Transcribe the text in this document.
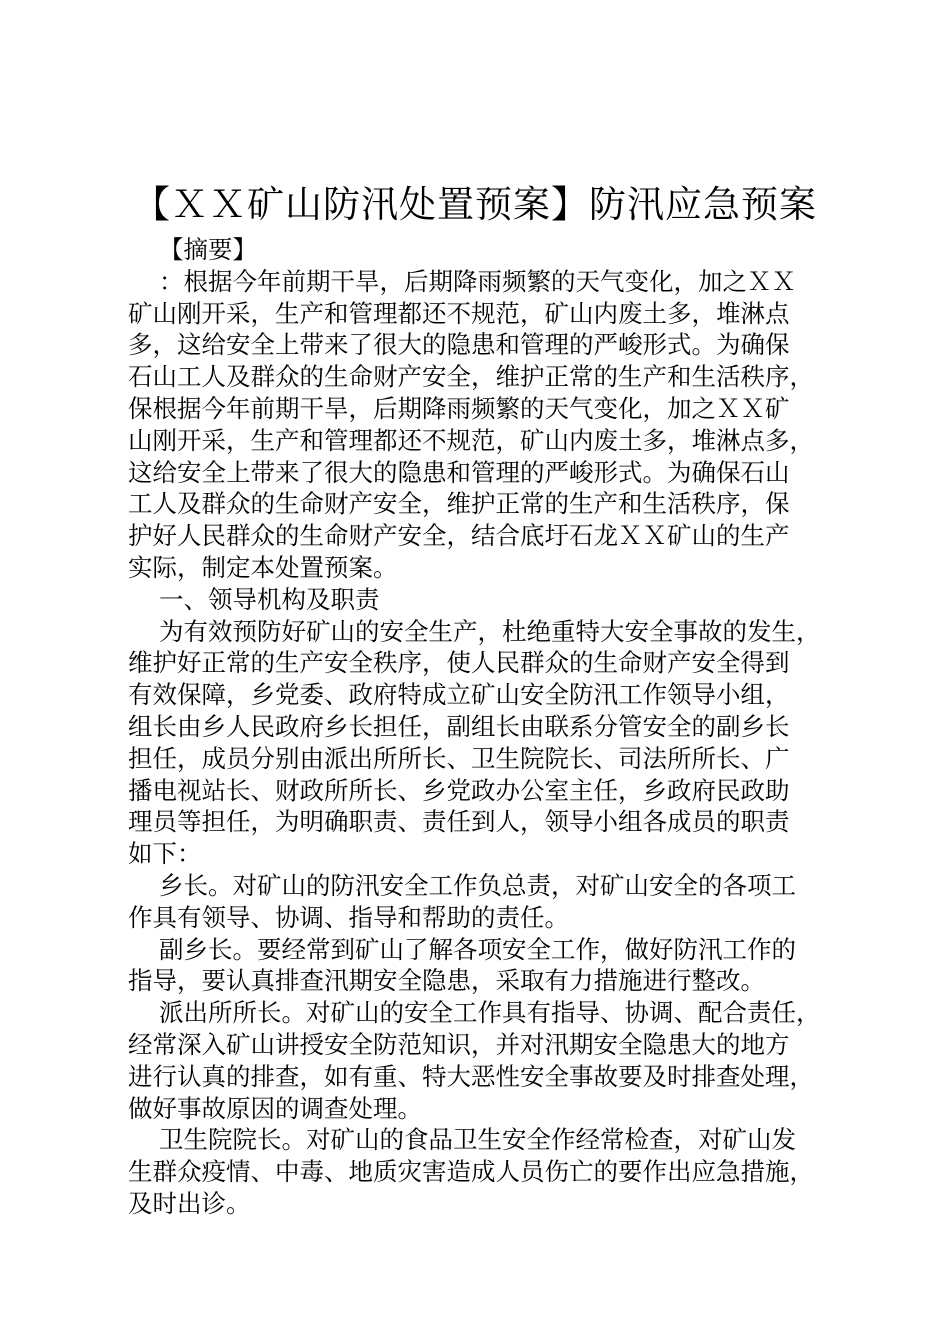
【ＸＸ矿山防汛处置预案】防汛应急预案
【摘要】
：根据今年前期干旱，后期降雨频繁的天气变化，加之ＸＸ
矿山刚开采，生产和管理都还不规范，矿山内废土多，堆淋点
多，这给安全上带来了很大的隐患和管理的严峻形式。为确保
石山工人及群众的生命财产安全，维护正常的生产和生活秩序，
保根据今年前期干旱，后期降雨频繁的天气变化，加之ＸＸ矿
山刚开采，生产和管理都还不规范，矿山内废土多，堆淋点多，
这给安全上带来了很大的隐患和管理的严峻形式。为确保石山
工人及群众的生命财产安全，维护正常的生产和生活秩序，保
护好人民群众的生命财产安全，结合底圩石龙ＸＸ矿山的生产
实际，制定本处置预案。
一、领导机构及职责
为有效预防好矿山的安全生产，杜绝重特大安全事故的发生，
维护好正常的生产安全秩序，使人民群众的生命财产安全得到
有效保障，乡党委、政府特成立矿山安全防汛工作领导小组，
组长由乡人民政府乡长担任，副组长由联系分管安全的副乡长
担任，成员分别由派出所所长、卫生院院长、司法所所长、广
播电视站长、财政所所长、乡党政办公室主任，乡政府民政助
理员等担任，为明确职责、责任到人，领导小组各成员的职责
如下：
乡长。对矿山的防汛安全工作负总责，对矿山安全的各项工
作具有领导、协调、指导和帮助的责任。
副乡长。要经常到矿山了解各项安全工作，做好防汛工作的
指导，要认真排查汛期安全隐患，采取有力措施进行整改。
派出所所长。对矿山的安全工作具有指导、协调、配合责任，
经常深入矿山讲授安全防范知识，并对汛期安全隐患大的地方
进行认真的排查，如有重、特大恶性安全事故要及时排查处理，
做好事故原因的调查处理。
卫生院院长。对矿山的食品卫生安全作经常检查，对矿山发
生群众疫情、中毒、地质灾害造成人员伤亡的要作出应急措施，
及时出诊。
